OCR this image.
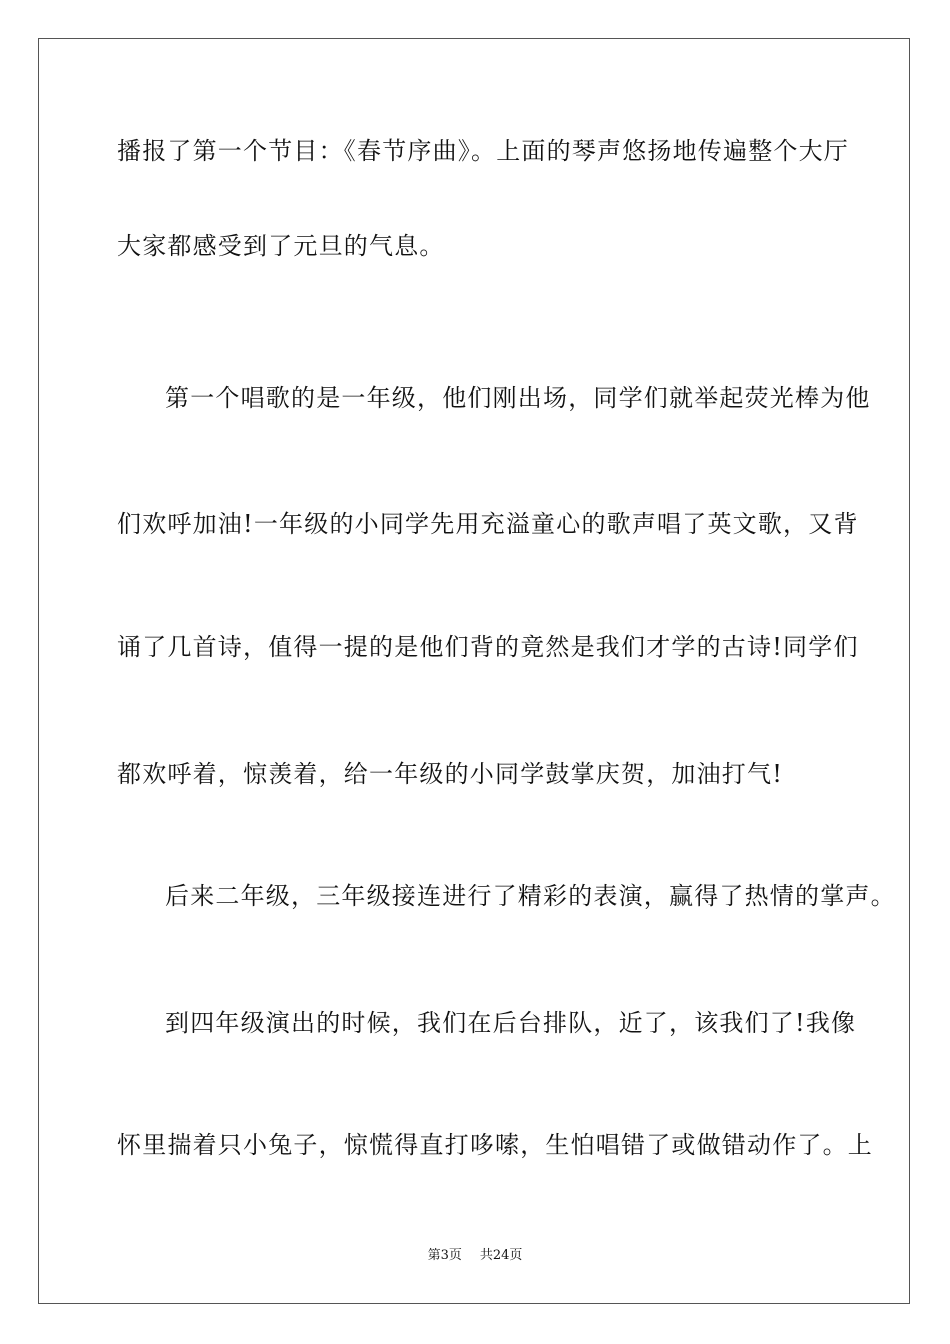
播报了第一个节目：《春节序曲》。上面的琴声悠扬地传遍整个大厅

大家都感受到了元旦的气息。

第一个唱歌的是一年级，他们刚出场，同学们就举起荧光棒为他

们欢呼加油!一年级的小同学先用充溢童心的歌声唱了英文歌，又背

诵了几首诗，值得一提的是他们背的竟然是我们才学的古诗!同学们

都欢呼着，惊羡着，给一年级的小同学鼓掌庆贺，加油打气!

后来二年级，三年级接连进行了精彩的表演，赢得了热情的掌声。

到四年级演出的时候，我们在后台排队，近了，该我们了!我像

怀里揣着只小兔子，惊慌得直打哆嗦，生怕唱错了或做错动作了。上

第3页 共24页
